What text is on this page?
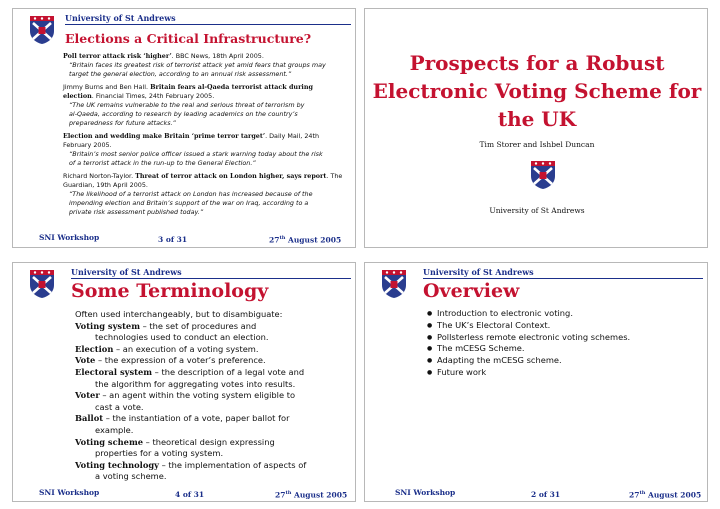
University of St Andrews
Elections a Critical Infrastructure?
Poll terror attack risk ‘higher’. BBC News, 18th April 2005.
“Britain faces its greatest risk of terrorist attack yet amid fears that groups may
target the general election, according to an annual risk assessment.”
Jimmy Burns and Ben Hall. Britain fears al-Qaeda terrorist attack during
election. Financial Times, 24th February 2005.
“The UK remains vulnerable to the real and serious threat of terrorism by
al-Qaeda, according to research by leading academics on the country’s
preparedness for future attacks.”
Election and wedding make Britain ‘prime terror target’. Daily Mail, 24th
February 2005.
“Britain’s most senior police officer issued a stark warning today about the risk
of a terrorist attack in the run-up to the General Election.”
Richard Norton-Taylor. Threat of terror attack on London higher, says report. The
Guardian, 19th April 2005.
“The likelihood of a terrorist attack on London has increased because of the
impending election and Britain’s support of the war on Iraq, according to a
private risk assessment published today.”
SNI Workshop	3 of 31	27th August 2005
Prospects for a Robust
Electronic Voting Scheme for
the UK
Tim Storer and Ishbel Duncan
University of St Andrews
University of St Andrews
Some Terminology
Often used interchangeably, but to disambiguate:
Voting system – the set of procedures and
technologies used to conduct an election.
Election – an execution of a voting system.
Vote – the expression of a voter’s preference.
Electoral system – the description of a legal vote and
the algorithm for aggregating votes into results.
Voter – an agent within the voting system eligible to
cast a vote.
Ballot – the instantiation of a vote, paper ballot for
example.
Voting scheme – theoretical design expressing
properties for a voting system.
Voting technology – the implementation of aspects of
a voting scheme.
SNI Workshop	4 of 31	27th August 2005
University of St Andrews
Overview
● Introduction to electronic voting.
● The UK’s Electoral Context.
● Pollsterless remote electronic voting schemes.
● The mCESG Scheme.
● Adapting the mCESG scheme.
● Future work
SNI Workshop	2 of 31	27th August 2005
